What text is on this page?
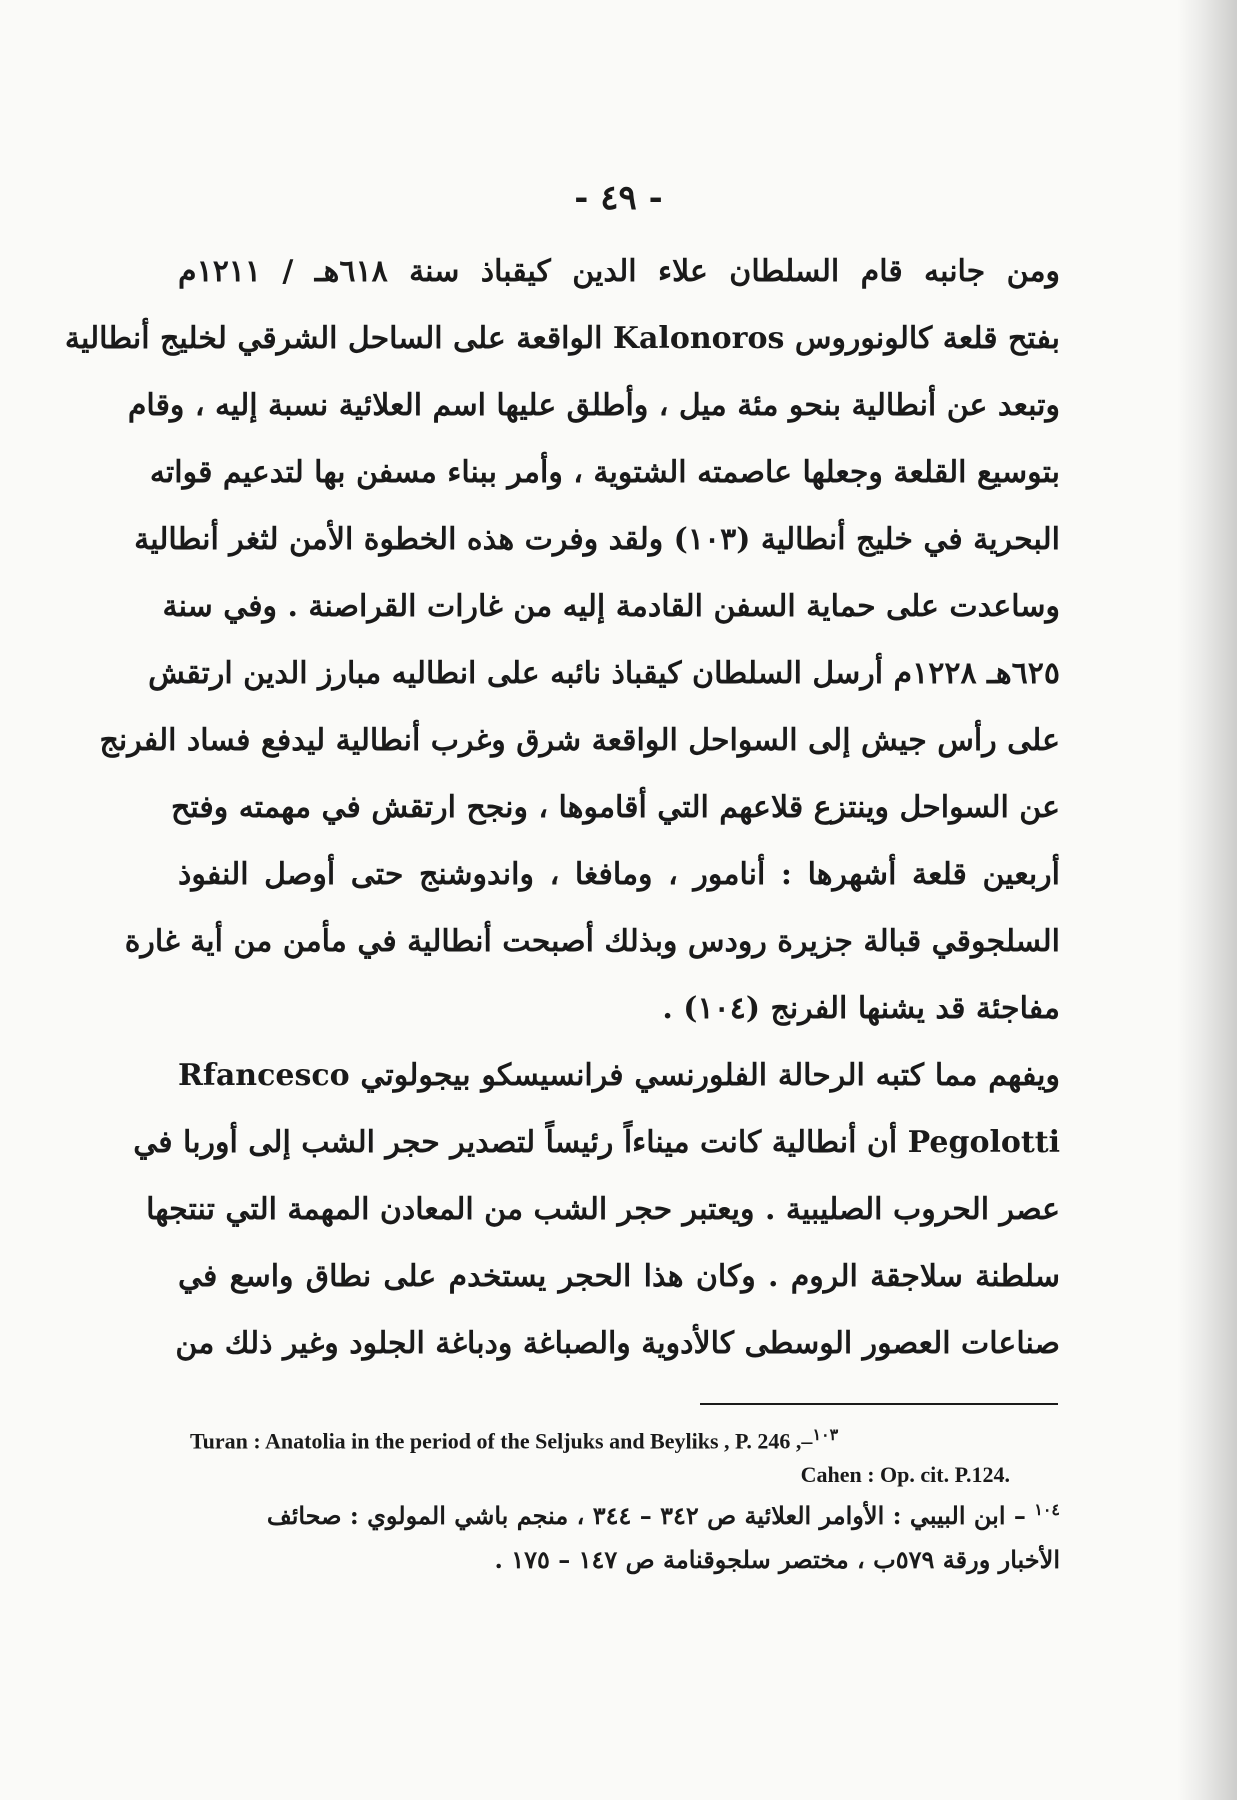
- ٤٩ -
ومن جانبه قام السلطان علاء الدين كيقباذ سنة ٦١٨هـ / ١٢١١م
بفتح قلعة كالونوروس Kalonoros الواقعة على الساحل الشرقي لخليج أنطالية
وتبعد عن أنطالية بنحو مئة ميل ، وأطلق عليها اسم العلائية نسبة إليه ، وقام
بتوسيع القلعة وجعلها عاصمته الشتوية ، وأمر ببناء مسفن بها لتدعيم قواته
البحرية في خليج أنطالية (١٠٣) ولقد وفرت هذه الخطوة الأمن لثغر أنطالية
وساعدت على حماية السفن القادمة إليه من غارات القراصنة . وفي سنة
٦٢٥هـ ١٢٢٨م أرسل السلطان كيقباذ نائبه على انطاليه مبارز الدين ارتقش
على رأس جيش إلى السواحل الواقعة شرق وغرب أنطالية ليدفع فساد الفرنج
عن السواحل وينتزع قلاعهم التي أقاموها ، ونجح ارتقش في مهمته وفتح
أربعين قلعة أشهرها : أنامور ، ومافغا ، واندوشنج حتى أوصل النفوذ
السلجوقي قبالة جزيرة رودس وبذلك أصبحت أنطالية في مأمن من أية غارة
مفاجئة قد يشنها الفرنج (١٠٤) .
ويفهم مما كتبه الرحالة الفلورنسي فرانسيسكو بيجولوتي Rfancesco
Pegolotti أن أنطالية كانت ميناءاً رئيساً لتصدير حجر الشب إلى أوربا في
عصر الحروب الصليبية . ويعتبر حجر الشب من المعادن المهمة التي تنتجها
سلطنة سلاجقة الروم . وكان هذا الحجر يستخدم على نطاق واسع في
صناعات العصور الوسطى كالأدوية والصباغة ودباغة الجلود وغير ذلك من
Turan : Anatolia in the period of the Seljuks and Beyliks , P. 246 ,–$^{١٠٣}$
Cahen : Op. cit. P.124.
$^{١٠٤}$ – ابن البيبي : الأوامر العلائية ص ٣٤٢ – ٣٤٤ ، منجم باشي المولوي : صحائف
الأخبار ورقة ٥٧٩ب ، مختصر سلجوقنامة ص ١٤٧ – ١٧٥ .
